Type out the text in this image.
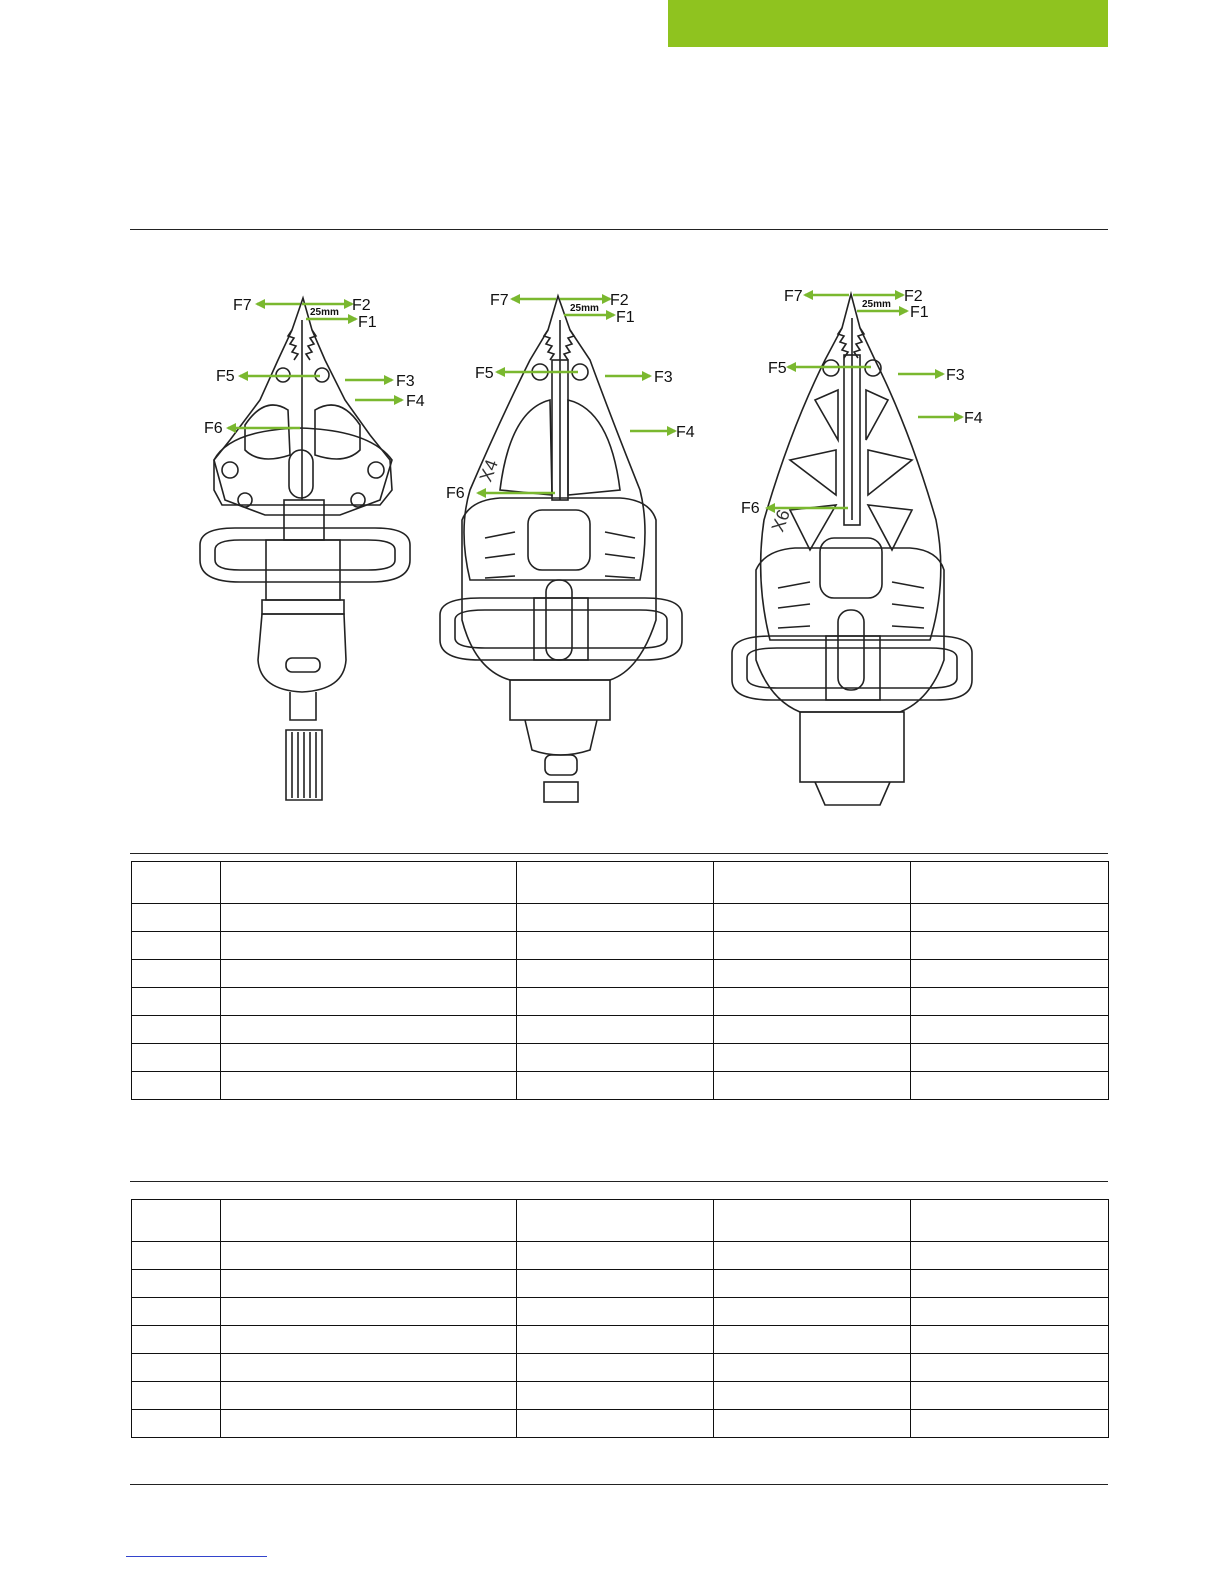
F7	F2
25mm
F1
F5	F3
F4
F6
X4
F7	F2
25mm
F1
F5	F3
F4
F6
X6
F7	F2
25mm F1
F5	F3
F4
F6
